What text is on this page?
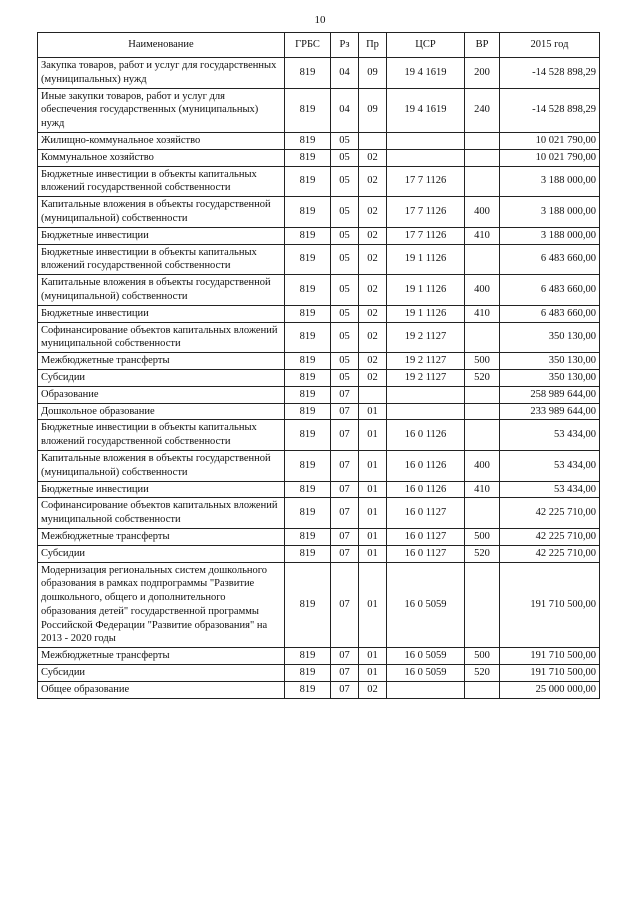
10
Наименование	ГРБС	Рз	Пр	ЦСР	ВР	2015 год
Закупка товаров, работ и услуг для государственных (муниципальных) нужд	819	04	09	19 4 1619	200	-14 528 898,29
Иные закупки товаров, работ и услуг для обеспечения государственных (муниципальных) нужд	819	04	09	19 4 1619	240	-14 528 898,29
Жилищно-коммунальное хозяйство	819	05				10 021 790,00
Коммунальное хозяйство	819	05	02			10 021 790,00
Бюджетные инвестиции в объекты капитальных вложений государственной собственности	819	05	02	17 7 1126		3 188 000,00
Капитальные вложения в объекты государственной (муниципальной) собственности	819	05	02	17 7 1126	400	3 188 000,00
Бюджетные инвестиции	819	05	02	17 7 1126	410	3 188 000,00
Бюджетные инвестиции в объекты капитальных вложений государственной собственности	819	05	02	19 1 1126		6 483 660,00
Капитальные вложения в объекты государственной (муниципальной) собственности	819	05	02	19 1 1126	400	6 483 660,00
Бюджетные инвестиции	819	05	02	19 1 1126	410	6 483 660,00
Софинансирование объектов капитальных вложений муниципальной собственности	819	05	02	19 2 1127		350 130,00
Межбюджетные трансферты	819	05	02	19 2 1127	500	350 130,00
Субсидии	819	05	02	19 2 1127	520	350 130,00
Образование	819	07				258 989 644,00
Дошкольное образование	819	07	01			233 989 644,00
Бюджетные инвестиции в объекты капитальных вложений государственной собственности	819	07	01	16 0 1126		53 434,00
Капитальные вложения в объекты государственной (муниципальной) собственности	819	07	01	16 0 1126	400	53 434,00
Бюджетные инвестиции	819	07	01	16 0 1126	410	53 434,00
Софинансирование объектов капитальных вложений муниципальной собственности	819	07	01	16 0 1127		42 225 710,00
Межбюджетные трансферты	819	07	01	16 0 1127	500	42 225 710,00
Субсидии	819	07	01	16 0 1127	520	42 225 710,00
Модернизация региональных систем дошкольного образования в рамках подпрограммы "Развитие дошкольного, общего и дополнительного образования детей" государственной программы Российской Федерации "Развитие образования" на 2013 - 2020 годы	819	07	01	16 0 5059		191 710 500,00
Межбюджетные трансферты	819	07	01	16 0 5059	500	191 710 500,00
Субсидии	819	07	01	16 0 5059	520	191 710 500,00
Общее образование	819	07	02			25 000 000,00
